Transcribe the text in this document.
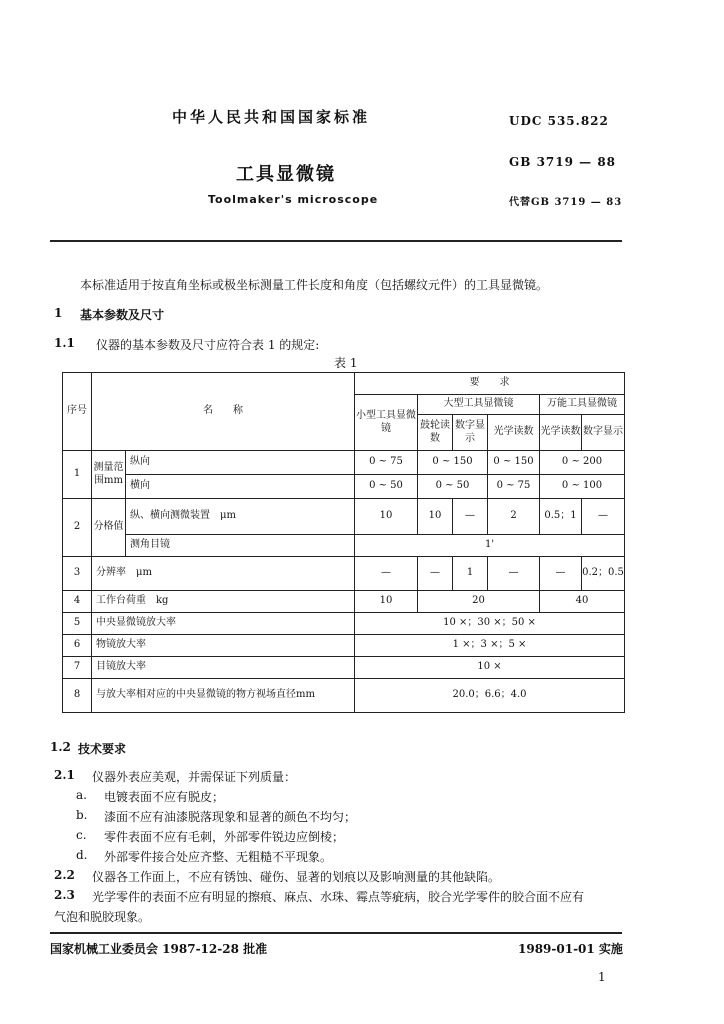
中华人民共和国国家标准	UDC 535.822
工具显微镜
GB 3719 — 88
Toolmaker's microscope	代替GB 3719 — 83
本标准适用于按直角坐标或极坐标测量工件长度和角度（包括螺纹元件）的工具显微镜。
1 基本参数及尺寸
1.1 仪器的基本参数及尺寸应符合表 1 的规定:
表 1
序号	名　　称		要　　求					
			小型工具显微镜	大型工具显微镜			万能工具显微镜	
				鼓轮读数	数字显示	光学读数	光学读数	数字显示
1	测量范围mm	纵向	0 ~ 75	0 ~ 150		0 ~ 150	0 ~ 200	
		横向	0 ~ 50	0 ~ 50		0 ~ 75	0 ~ 100	
2	分格值	纵、横向测微装置　μm	10	10	—	2	0.5；1	—
		测角目镜	1'					
3	分辨率　μm		—	—	1	—	—	0.2；0.5
4	工作台荷重　kg		10	20			40	
5	中央显微镜放大率		10 ×；30 ×；50 ×					
6	物镜放大率		1 ×；3 ×；5 ×					
7	目镜放大率		10 ×					
8	与放大率相对应的中央显微镜的物方视场直径mm		20.0；6.6；4.0					
1.2 技术要求
2.1 仪器外表应美观，并需保证下列质量：
a. 电镀表面不应有脱皮；
b. 漆面不应有油漆脱落现象和显著的颜色不均匀；
c. 零件表面不应有毛刺，外部零件锐边应倒棱；
d. 外部零件接合处应齐整、无粗糙不平现象。
2.2 仪器各工作面上，不应有锈蚀、碰伤、显著的划痕以及影响测量的其他缺陷。
2.3 光学零件的表面不应有明显的擦痕、麻点、水珠、霉点等疵病，胶合光学零件的胶合面不应有
气泡和脱胶现象。
国家机械工业委员会 1987-12-28 批准	1989-01-01 实施
1
